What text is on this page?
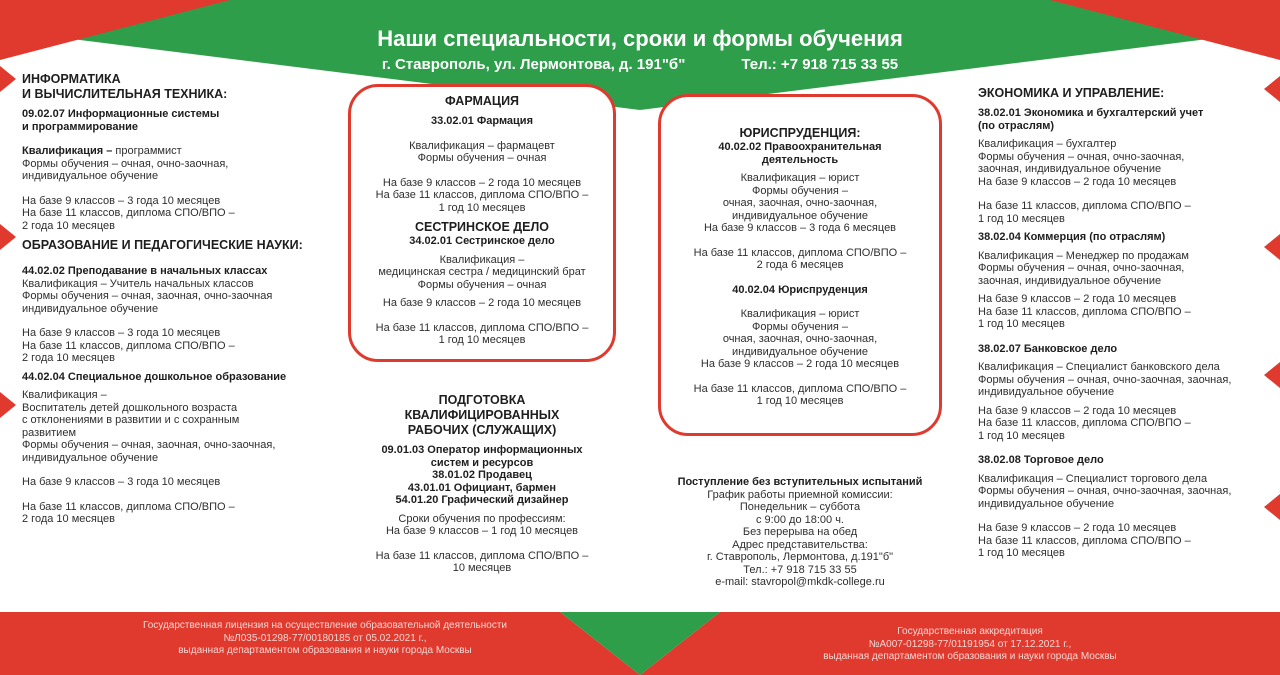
Наши специальности, сроки и формы обучения
г. Ставрополь, ул. Лермонтова, д. 191"б"	Тел.: +7 918 715 33 55
ИНФОРМАТИКА
И ВЫЧИСЛИТЕЛЬНАЯ ТЕХНИКА:
09.02.07 Информационные системы
и программирование
Квалификация – программист
Формы обучения – очная, очно-заочная,
индивидуальное обучение
На базе 9 классов – 3 года 10 месяцев
На базе 11 классов, диплома СПО/ВПО –
2 года 10 месяцев
ОБРАЗОВАНИЕ И ПЕДАГОГИЧЕСКИЕ НАУКИ:
44.02.02 Преподавание в начальных классах
Квалификация – Учитель начальных классов
Формы обучения – очная, заочная, очно-заочная
индивидуальное обучение
На базе 9 классов – 3 года 10 месяцев
На базе 11 классов, диплома СПО/ВПО –
2 года 10 месяцев
44.02.04 Специальное дошкольное образование
Квалификация –
Воспитатель детей дошкольного возраста
с отклонениями в развитии и с сохранным
развитием
Формы обучения – очная, заочная, очно-заочная,
индивидуальное обучение
На базе 9 классов – 3 года 10 месяцев
На базе 11 классов, диплома СПО/ВПО –
2 года 10 месяцев
ФАРМАЦИЯ
33.02.01 Фармация
Квалификация – фармацевт
Формы обучения – очная
На базе 9 классов – 2 года 10 месяцев
На базе 11 классов, диплома СПО/ВПО –
1 год 10 месяцев
СЕСТРИНСКОЕ ДЕЛО
34.02.01 Сестринское дело
Квалификация –
медицинская сестра / медицинский брат
Формы обучения – очная
На базе 9 классов – 2 года 10 месяцев
На базе 11 классов, диплома СПО/ВПО –
1 год 10 месяцев
ПОДГОТОВКА
КВАЛИФИЦИРОВАННЫХ
РАБОЧИХ (СЛУЖАЩИХ)
09.01.03 Оператор информационных
систем и ресурсов
38.01.02 Продавец
43.01.01 Официант, бармен
54.01.20 Графический дизайнер
Сроки обучения по профессиям:
На базе 9 классов – 1 год 10 месяцев
На базе 11 классов, диплома СПО/ВПО –
10 месяцев
ЮРИСПРУДЕНЦИЯ:
40.02.02 Правоохранительная
деятельность
Квалификация – юрист
Формы обучения –
очная, заочная, очно-заочная,
индивидуальное обучение
На базе 9 классов – 3 года 6 месяцев
На базе 11 классов, диплома СПО/ВПО –
2 года 6 месяцев
40.02.04 Юриспруденция
Квалификация – юрист
Формы обучения –
очная, заочная, очно-заочная,
индивидуальное обучение
На базе 9 классов – 2 года 10 месяцев
На базе 11 классов, диплома СПО/ВПО –
1 год 10 месяцев
Поступление без вступительных испытаний
График работы приемной комиссии:
Понедельник – суббота
с 9:00 до 18:00 ч.
Без перерыва на обед
Адрес представительства:
г. Ставрополь, Лермонтова, д.191"б"
Тел.: +7 918 715 33 55
e-mail: stavropol@mkdk-college.ru
ЭКОНОМИКА И УПРАВЛЕНИЕ:
38.02.01 Экономика и бухгалтерский учет
(по отраслям)
Квалификация – бухгалтер
Формы обучения – очная, очно-заочная,
заочная, индивидуальное обучение
На базе 9 классов – 2 года 10 месяцев
На базе 11 классов, диплома СПО/ВПО –
1 год 10 месяцев
38.02.04 Коммерция (по отраслям)
Квалификация – Менеджер по продажам
Формы обучения – очная, очно-заочная,
заочная, индивидуальное обучение
На базе 9 классов – 2 года 10 месяцев
На базе 11 классов, диплома СПО/ВПО –
1 год 10 месяцев
38.02.07 Банковское дело
Квалификация – Специалист банковского дела
Формы обучения – очная, очно-заочная, заочная,
индивидуальное обучение
На базе 9 классов – 2 года 10 месяцев
На базе 11 классов, диплома СПО/ВПО –
1 год 10 месяцев
38.02.08 Торговое дело
Квалификация – Специалист торгового дела
Формы обучения – очная, очно-заочная, заочная,
индивидуальное обучение
На базе 9 классов – 2 года 10 месяцев
На базе 11 классов, диплома СПО/ВПО –
1 год 10 месяцев
Государственная лицензия на осуществление образовательной деятельности
№Л035-01298-77/00180185 от 05.02.2021 г.,
выданная департаментом образования и науки города Москвы
Государственная аккредитация
№А007-01298-77/01191954 от 17.12.2021 г.,
выданная департаментом образования и науки города Москвы
